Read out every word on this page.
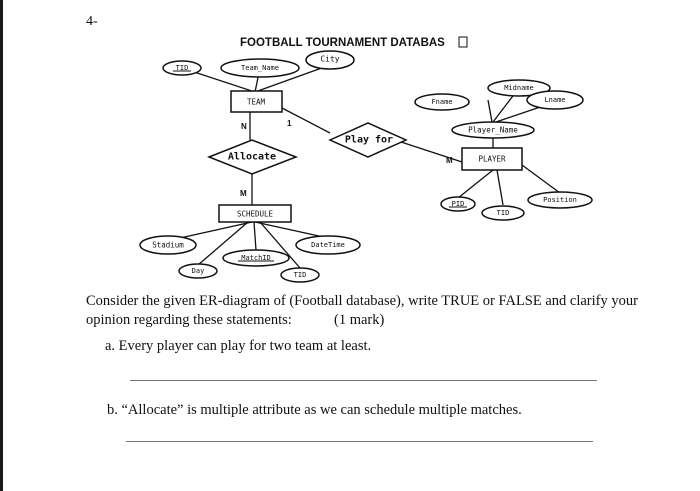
4-
FOOTBALL TOURNAMENT DATABAS
TEAM
PLAYER
SCHEDULE
Allocate
Play for
TID	Team_Name
City
Midname
Fname	Lname
Player_Name
PID
TID
Position
Stadium	DateTime
MatchID
Day	TID
N	1
M
M
Consider the given ER-diagram of (Football database), write TRUE or FALSE and clarify your
opinion regarding these statements:	(1 mark)
a. Every player can play for two team at least.
b. “Allocate” is multiple attribute as we can schedule multiple matches.
